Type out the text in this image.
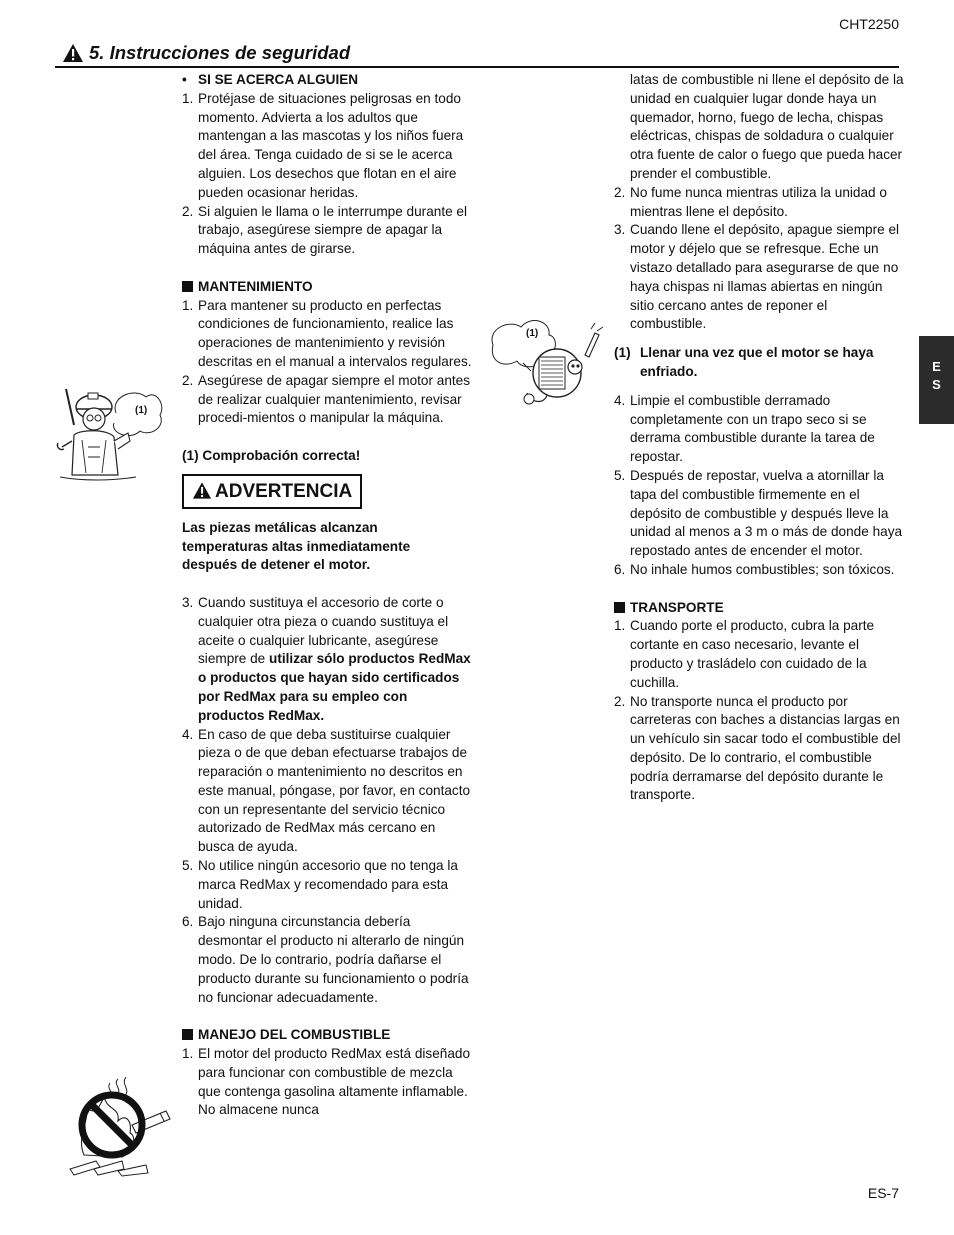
CHT2250
5. Instrucciones de seguridad
E
S
(1)
(1)
• SI SE ACERCA ALGUIEN
1. Protéjase de situaciones peligrosas en todo momento. Advierta a los adultos que mantengan a las mascotas y los niños fuera del área. Tenga cuidado de si se le acerca alguien. Los desechos que flotan en el aire pueden ocasionar heridas.
2. Si alguien le llama o le interrumpe durante el trabajo, asegúrese siempre de apagar la máquina antes de girarse.
MANTENIMIENTO
1. Para mantener su producto en perfectas condiciones de funcionamiento, realice las operaciones de mantenimiento y revisión descritas en el manual a intervalos regulares.
2. Asegúrese de apagar siempre el motor antes de realizar cualquier mantenimiento, revisar procedi-mientos o manipular la máquina.
(1) Comprobación correcta!
ADVERTENCIA
Las piezas metálicas alcanzan temperaturas altas inmediatamente después de detener el motor.
3. Cuando sustituya el accesorio de corte o cualquier otra pieza o cuando sustituya el aceite o cualquier lubricante, asegúrese siempre de utilizar sólo productos RedMax o productos que hayan sido certificados por RedMax para su empleo con productos RedMax.
4. En caso de que deba sustituirse cualquier pieza o de que deban efectuarse trabajos de reparación o mantenimiento no descritos en este manual, póngase, por favor, en contacto con un representante del servicio técnico autorizado de RedMax más cercano en busca de ayuda.
5. No utilice ningún accesorio que no tenga la marca RedMax y recomendado para esta unidad.
6. Bajo ninguna circunstancia debería desmontar el producto ni alterarlo de ningún modo. De lo contrario, podría dañarse el producto durante su funcionamiento o podría no funcionar adecuadamente.
MANEJO DEL COMBUSTIBLE
1. El motor del producto RedMax está diseñado para funcionar con combustible de mezcla que contenga gasolina altamente inflamable. No almacene nunca
latas de combustible ni llene el depósito de la unidad en cualquier lugar donde haya un quemador, horno, fuego de lecha, chispas eléctricas, chispas de soldadura o cualquier otra fuente de calor o fuego que pueda hacer prender el combustible.
2. No fume nunca mientras utiliza la unidad o mientras llene el depósito.
3. Cuando llene el depósito, apague siempre el motor y déjelo que se refresque. Eche un vistazo detallado para asegurarse de que no haya chispas ni llamas abiertas en ningún sitio cercano antes de reponer el combustible.
(1) Llenar una vez que el motor se haya enfriado.
4. Limpie el combustible derramado completamente con un trapo seco si se derrama combustible durante la tarea de repostar.
5. Después de repostar, vuelva a atornillar la tapa del combustible firmemente en el depósito de combustible y después lleve la unidad al menos a 3 m o más de donde haya repostado antes de encender el motor.
6. No inhale humos combustibles; son tóxicos.
TRANSPORTE
1. Cuando porte el producto, cubra la parte cortante en caso necesario, levante el producto y trasládelo con cuidado de la cuchilla.
2. No transporte nunca el producto por carreteras con baches a distancias largas en un vehículo sin sacar todo el combustible del depósito. De lo contrario, el combustible podría derramarse del depósito durante le transporte.
ES-7
